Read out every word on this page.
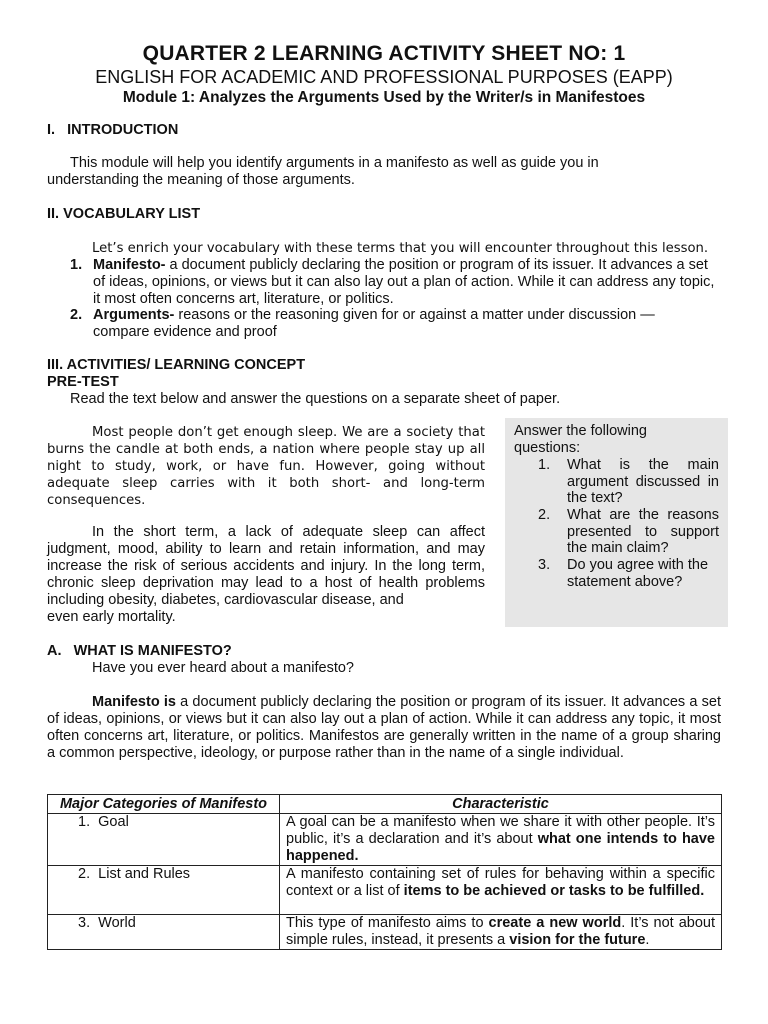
QUARTER 2 LEARNING ACTIVITY SHEET NO: 1
ENGLISH FOR ACADEMIC AND PROFESSIONAL PURPOSES (EAPP)
Module 1: Analyzes the Arguments Used by the Writer/s in Manifestoes
I.   INTRODUCTION
This module will help you identify arguments in a manifesto as well as guide you in understanding the meaning of those arguments.
II. VOCABULARY LIST
Let’s enrich your vocabulary with these terms that you will encounter throughout this lesson.
1. Manifesto- a document publicly declaring the position or program of its issuer. It advances a set of ideas, opinions, or views but it can also lay out a plan of action. While it can address any topic, it most often concerns art, literature, or politics.
2. Arguments- reasons or the reasoning given for or against a matter under discussion — compare evidence and proof
III. ACTIVITIES/ LEARNING CONCEPT
PRE-TEST
Read the text below and answer the questions on a separate sheet of paper.
Most people don’t get enough sleep. We are a society that burns the candle at both ends, a nation where people stay up all night to study, work, or have fun. However, going without adequate sleep carries with it both short- and long-term consequences.
In the short term, a lack of adequate sleep can affect judgment, mood, ability to learn and retain information, and may increase the risk of serious accidents and injury. In the long term, chronic sleep deprivation may lead to a host of health problems including obesity, diabetes, cardiovascular disease, and
even early mortality.
Answer the following questions:
1. What is the main argument discussed in the text?
2. What are the reasons presented to support the main claim?
3. Do you agree with the statement above?
A.   WHAT IS MANIFESTO?
Have you ever heard about a manifesto?
Manifesto is a document publicly declaring the position or program of its issuer. It advances a set of ideas, opinions, or views but it can also lay out a plan of action. While it can address any topic, it most often concerns art, literature, or politics. Manifestos are generally written in the name of a group sharing a common perspective, ideology, or purpose rather than in the name of a single individual.
Major Categories of Manifesto	Characteristic
1. Goal	A goal can be a manifesto when we share it with other people. It’s public, it’s a declaration and it’s about what one intends to have happened.
2. List and Rules	A manifesto containing set of rules for behaving within a specific context or a list of items to be achieved or tasks to be fulfilled.
3. World	This type of manifesto aims to create a new world. It’s not about simple rules, instead, it presents a vision for the future.
